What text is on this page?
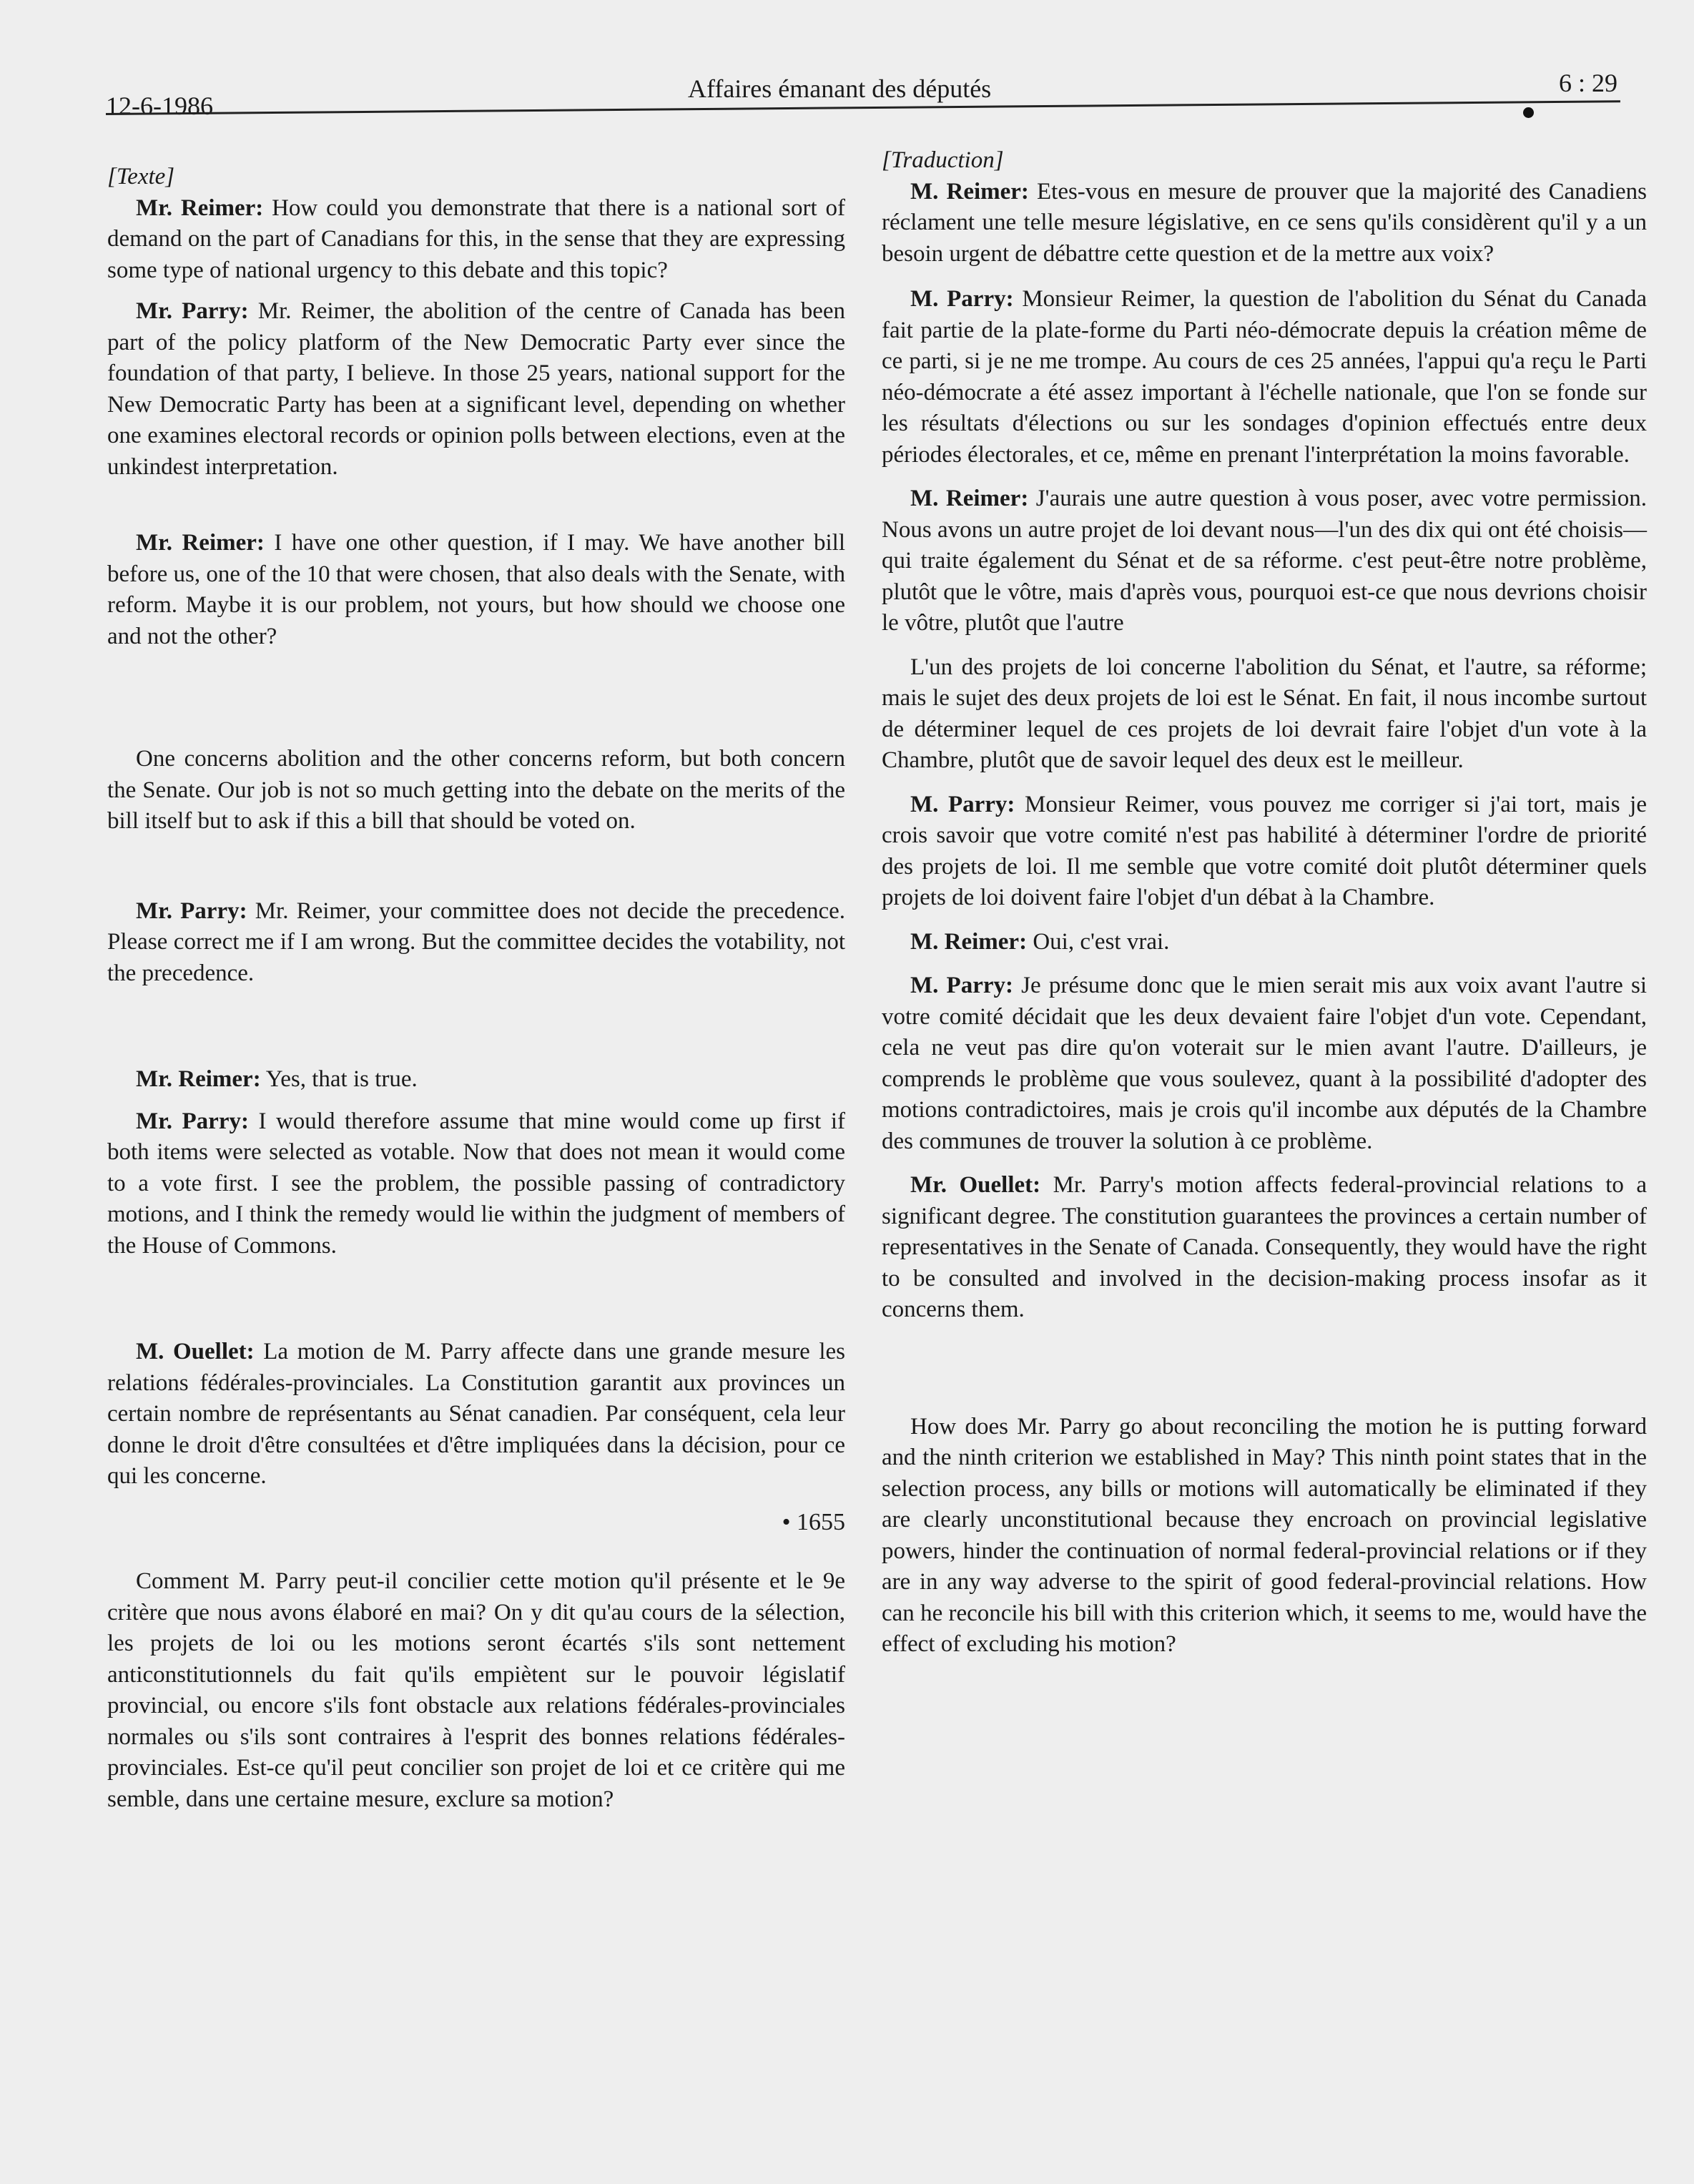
12-6-1986
Affaires émanant des députés	6 : 29

[Texte]

Mr. Reimer: How could you demonstrate that there is a national sort of demand on the part of Canadians for this, in the sense that they are expressing some type of national urgency to this debate and this topic?

Mr. Parry: Mr. Reimer, the abolition of the centre of Canada has been part of the policy platform of the New Democratic Party ever since the foundation of that party, I believe. In those 25 years, national support for the New Democratic Party has been at a significant level, depending on whether one examines electoral records or opinion polls between elections, even at the unkindest interpretation.

Mr. Reimer: I have one other question, if I may. We have another bill before us, one of the 10 that were chosen, that also deals with the Senate, with reform. Maybe it is our problem, not yours, but how should we choose one and not the other?

One concerns abolition and the other concerns reform, but both concern the Senate. Our job is not so much getting into the debate on the merits of the bill itself but to ask if this a bill that should be voted on.

Mr. Parry: Mr. Reimer, your committee does not decide the precedence. Please correct me if I am wrong. But the committee decides the votability, not the precedence.

Mr. Reimer: Yes, that is true.

Mr. Parry: I would therefore assume that mine would come up first if both items were selected as votable. Now that does not mean it would come to a vote first. I see the problem, the possible passing of contradictory motions, and I think the remedy would lie within the judgment of members of the House of Commons.

M. Ouellet: La motion de M. Parry affecte dans une grande mesure les relations fédérales-provinciales. La Constitution garantit aux provinces un certain nombre de représentants au Sénat canadien. Par conséquent, cela leur donne le droit d'être consultées et d'être impliquées dans la décision, pour ce qui les concerne.

• 1655

Comment M. Parry peut-il concilier cette motion qu'il présente et le 9e critère que nous avons élaboré en mai? On y dit qu'au cours de la sélection, les projets de loi ou les motions seront écartés s'ils sont nettement anticonstitutionnels du fait qu'ils empiètent sur le pouvoir législatif provincial, ou encore s'ils font obstacle aux relations fédérales-provinciales normales ou s'ils sont contraires à l'esprit des bonnes relations fédérales-provinciales. Est-ce qu'il peut concilier son projet de loi et ce critère qui me semble, dans une certaine mesure, exclure sa motion?

[Traduction]

M. Reimer: Etes-vous en mesure de prouver que la majorité des Canadiens réclament une telle mesure législative, en ce sens qu'ils considèrent qu'il y a un besoin urgent de débattre cette question et de la mettre aux voix?

M. Parry: Monsieur Reimer, la question de l'abolition du Sénat du Canada fait partie de la plate-forme du Parti néo-démocrate depuis la création même de ce parti, si je ne me trompe. Au cours de ces 25 années, l'appui qu'a reçu le Parti néo-démocrate a été assez important à l'échelle nationale, que l'on se fonde sur les résultats d'élections ou sur les sondages d'opinion effectués entre deux périodes électorales, et ce, même en prenant l'interprétation la moins favorable.

M. Reimer: J'aurais une autre question à vous poser, avec votre permission. Nous avons un autre projet de loi devant nous—l'un des dix qui ont été choisis—qui traite également du Sénat et de sa réforme. c'est peut-être notre problème, plutôt que le vôtre, mais d'après vous, pourquoi est-ce que nous devrions choisir le vôtre, plutôt que l'autre

L'un des projets de loi concerne l'abolition du Sénat, et l'autre, sa réforme; mais le sujet des deux projets de loi est le Sénat. En fait, il nous incombe surtout de déterminer lequel de ces projets de loi devrait faire l'objet d'un vote à la Chambre, plutôt que de savoir lequel des deux est le meilleur.

M. Parry: Monsieur Reimer, vous pouvez me corriger si j'ai tort, mais je crois savoir que votre comité n'est pas habilité à déterminer l'ordre de priorité des projets de loi. Il me semble que votre comité doit plutôt déterminer quels projets de loi doivent faire l'objet d'un débat à la Chambre.

M. Reimer: Oui, c'est vrai.

M. Parry: Je présume donc que le mien serait mis aux voix avant l'autre si votre comité décidait que les deux devaient faire l'objet d'un vote. Cependant, cela ne veut pas dire qu'on voterait sur le mien avant l'autre. D'ailleurs, je comprends le problème que vous soulevez, quant à la possibilité d'adopter des motions contradictoires, mais je crois qu'il incombe aux députés de la Chambre des communes de trouver la solution à ce problème.

Mr. Ouellet: Mr. Parry's motion affects federal-provincial relations to a significant degree. The constitution guarantees the provinces a certain number of representatives in the Senate of Canada. Consequently, they would have the right to be consulted and involved in the decision-making process insofar as it concerns them.

How does Mr. Parry go about reconciling the motion he is putting forward and the ninth criterion we established in May? This ninth point states that in the selection process, any bills or motions will automatically be eliminated if they are clearly unconstitutional because they encroach on provincial legislative powers, hinder the continuation of normal federal-provincial relations or if they are in any way adverse to the spirit of good federal-provincial relations. How can he reconcile his bill with this criterion which, it seems to me, would have the effect of excluding his motion?
